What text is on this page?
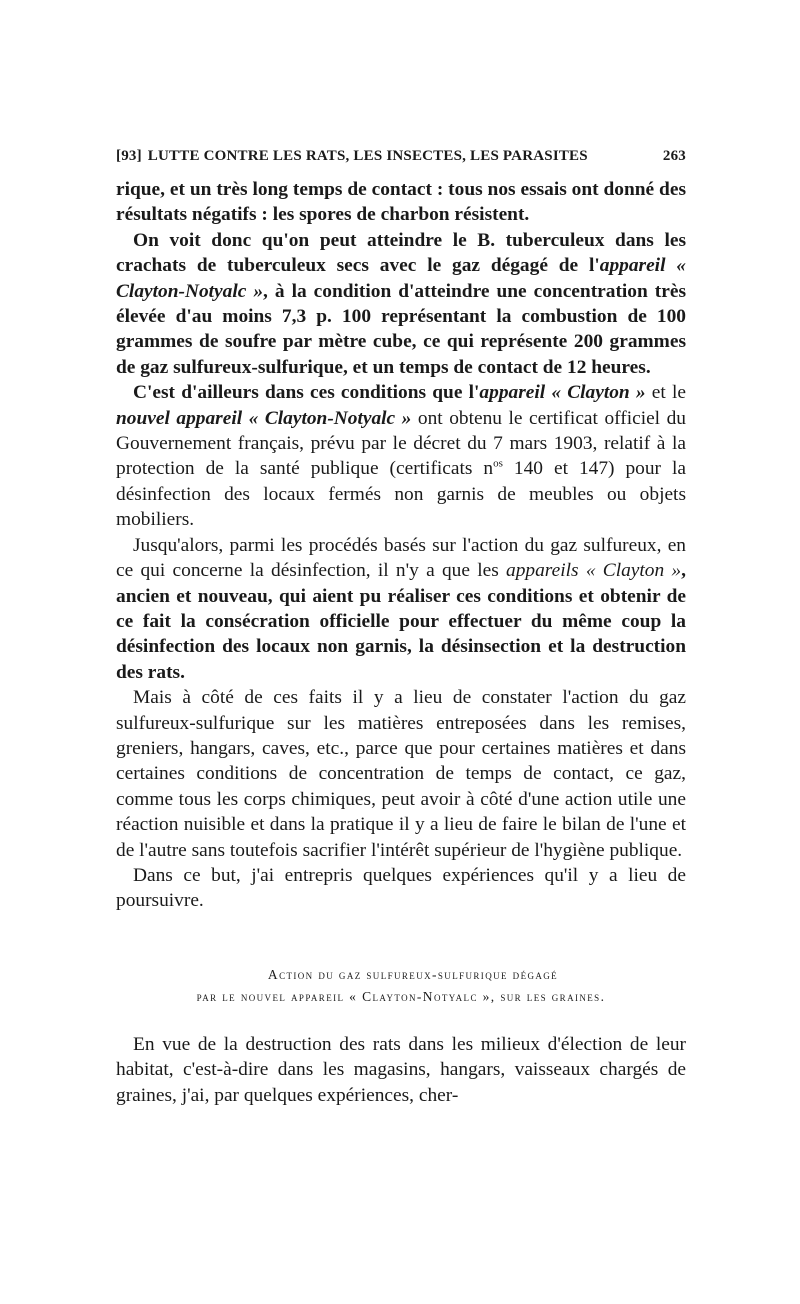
[93] LUTTE CONTRE LES RATS, LES INSECTES, LES PARASITES	263

rique, et un très long temps de contact : tous nos essais ont donné des résultats négatifs : les spores de charbon résistent.

On voit donc qu'on peut atteindre le B. tuberculeux dans les crachats de tuberculeux secs avec le gaz dégagé de l'appareil « Clayton-Notyalc », à la condition d'atteindre une concentration très élevée d'au moins 7,3 p. 100 représentant la combustion de 100 grammes de soufre par mètre cube, ce qui représente 200 grammes de gaz sulfureux-sulfurique, et un temps de contact de 12 heures.

C'est d'ailleurs dans ces conditions que l'appareil « Clayton » et le nouvel appareil « Clayton-Notyalc » ont obtenu le certificat officiel du Gouvernement français, prévu par le décret du 7 mars 1903, relatif à la protection de la santé publique (certificats $n^{os}$ 140 et 147) pour la désinfection des locaux fermés non garnis de meubles ou objets mobiliers.

Jusqu'alors, parmi les procédés basés sur l'action du gaz sulfureux, en ce qui concerne la désinfection, il n'y a que les appareils « Clayton », ancien et nouveau, qui aient pu réaliser ces conditions et obtenir de ce fait la consécration officielle pour effectuer du même coup la désinfection des locaux non garnis, la désinsection et la destruction des rats.

Mais à côté de ces faits il y a lieu de constater l'action du gaz sulfureux-sulfurique sur les matières entreposées dans les remises, greniers, hangars, caves, etc., parce que pour certaines matières et dans certaines conditions de concentration de temps de contact, ce gaz, comme tous les corps chimiques, peut avoir à côté d'une action utile une réaction nuisible et dans la pratique il y a lieu de faire le bilan de l'une et de l'autre sans toutefois sacrifier l'intérêt supérieur de l'hygiène publique.

Dans ce but, j'ai entrepris quelques expériences qu'il y a lieu de poursuivre.

Action du gaz sulfureux-sulfurique dégagé
par le nouvel appareil « Clayton-Notyalc », sur les graines.

En vue de la destruction des rats dans les milieux d'élection de leur habitat, c'est-à-dire dans les magasins, hangars, vaisseaux chargés de graines, j'ai, par quelques expériences, cher-
